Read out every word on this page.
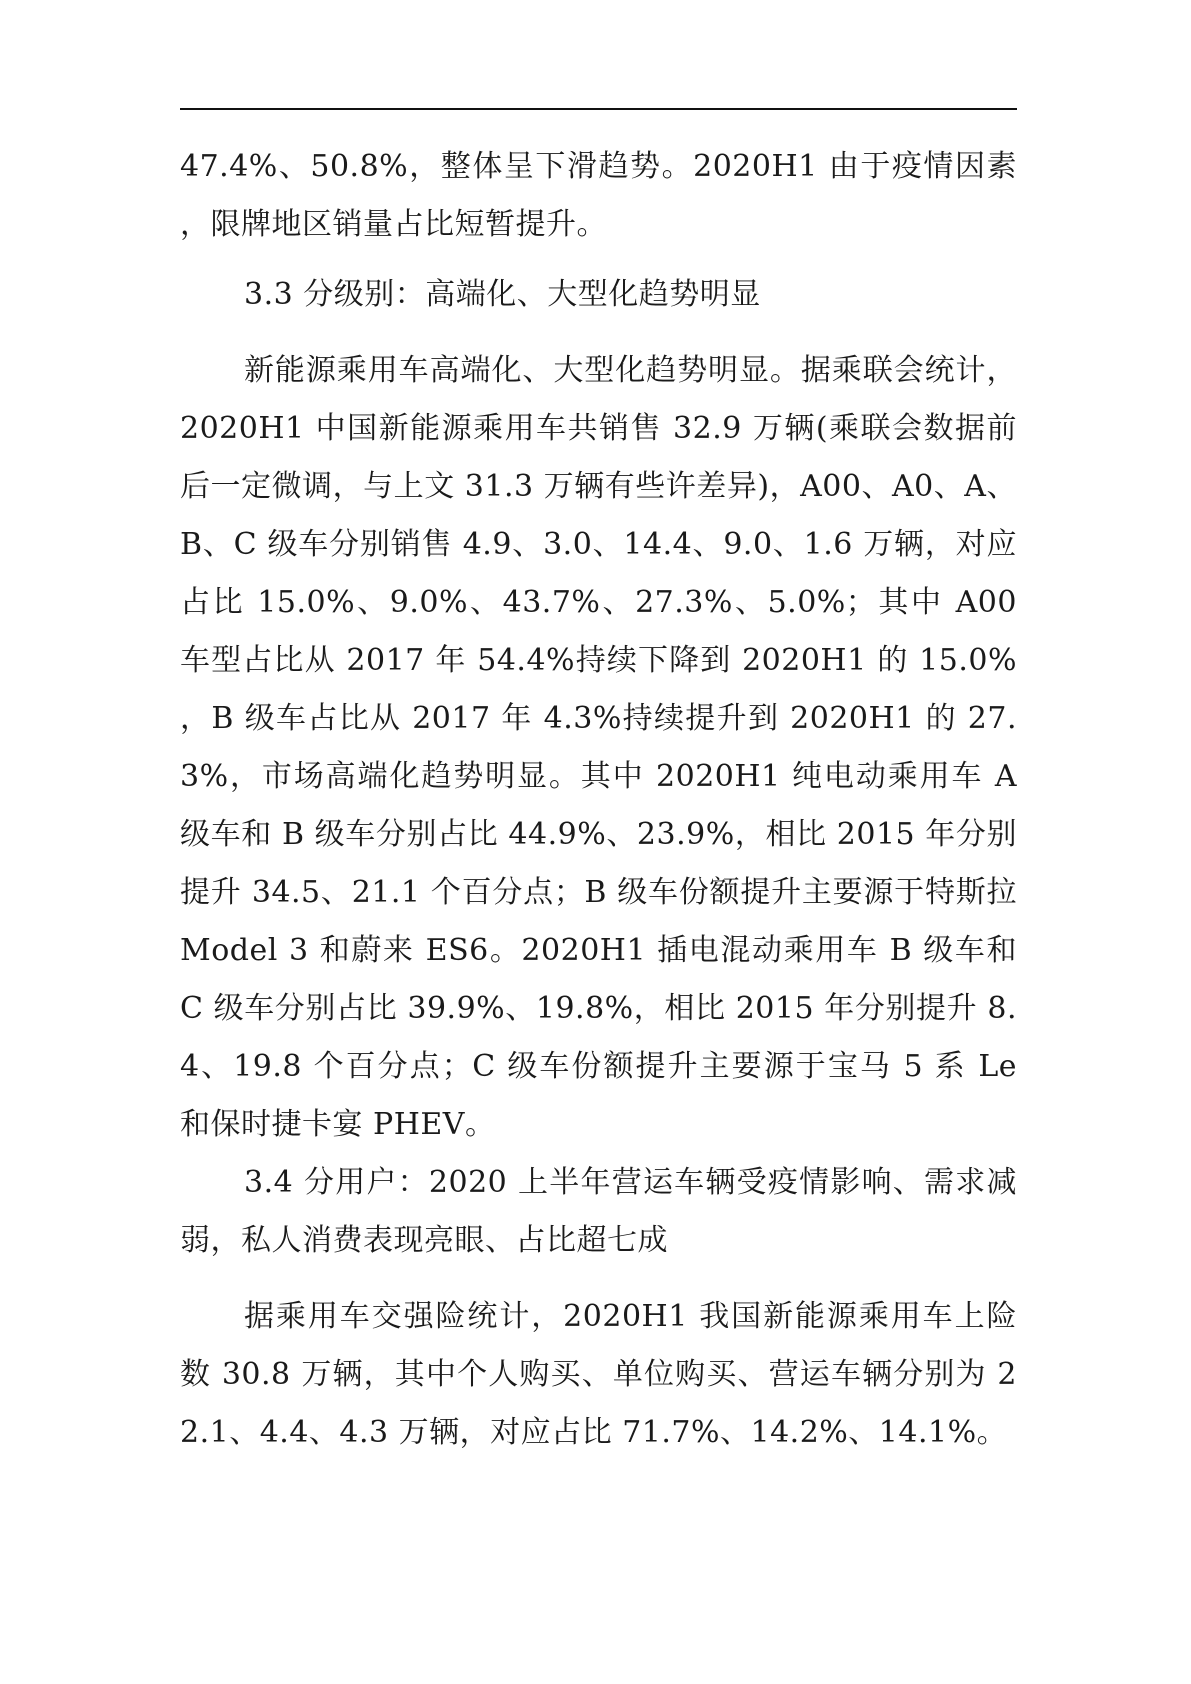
47.4%、50.8%，整体呈下滑趋势。2020H1 由于疫情因素，限牌地区销量占比短暂提升。

3.3 分级别：高端化、大型化趋势明显

新能源乘用车高端化、大型化趋势明显。据乘联会统计，2020H1 中国新能源乘用车共销售 32.9 万辆(乘联会数据前后一定微调，与上文 31.3 万辆有些许差异)，A00、A0、A、B、C 级车分别销售 4.9、3.0、14.4、9.0、1.6 万辆，对应占比 15.0%、9.0%、43.7%、27.3%、5.0%；其中 A00 车型占比从 2017 年 54.4%持续下降到 2020H1 的 15.0%，B 级车占比从 2017 年 4.3%持续提升到 2020H1 的 27.3%，市场高端化趋势明显。其中 2020H1 纯电动乘用车 A 级车和 B 级车分别占比 44.9%、23.9%，相比 2015 年分别提升 34.5、21.1 个百分点；B 级车份额提升主要源于特斯拉 Model 3 和蔚来 ES6。2020H1 插电混动乘用车 B 级车和 C 级车分别占比 39.9%、19.8%，相比 2015 年分别提升 8.4、19.8 个百分点；C 级车份额提升主要源于宝马 5 系 Le 和保时捷卡宴 PHEV。

3.4 分用户：2020 上半年营运车辆受疫情影响、需求减弱，私人消费表现亮眼、占比超七成

据乘用车交强险统计，2020H1 我国新能源乘用车上险数 30.8 万辆，其中个人购买、单位购买、营运车辆分别为 22.1、4.4、4.3 万辆，对应占比 71.7%、14.2%、14.1%。
